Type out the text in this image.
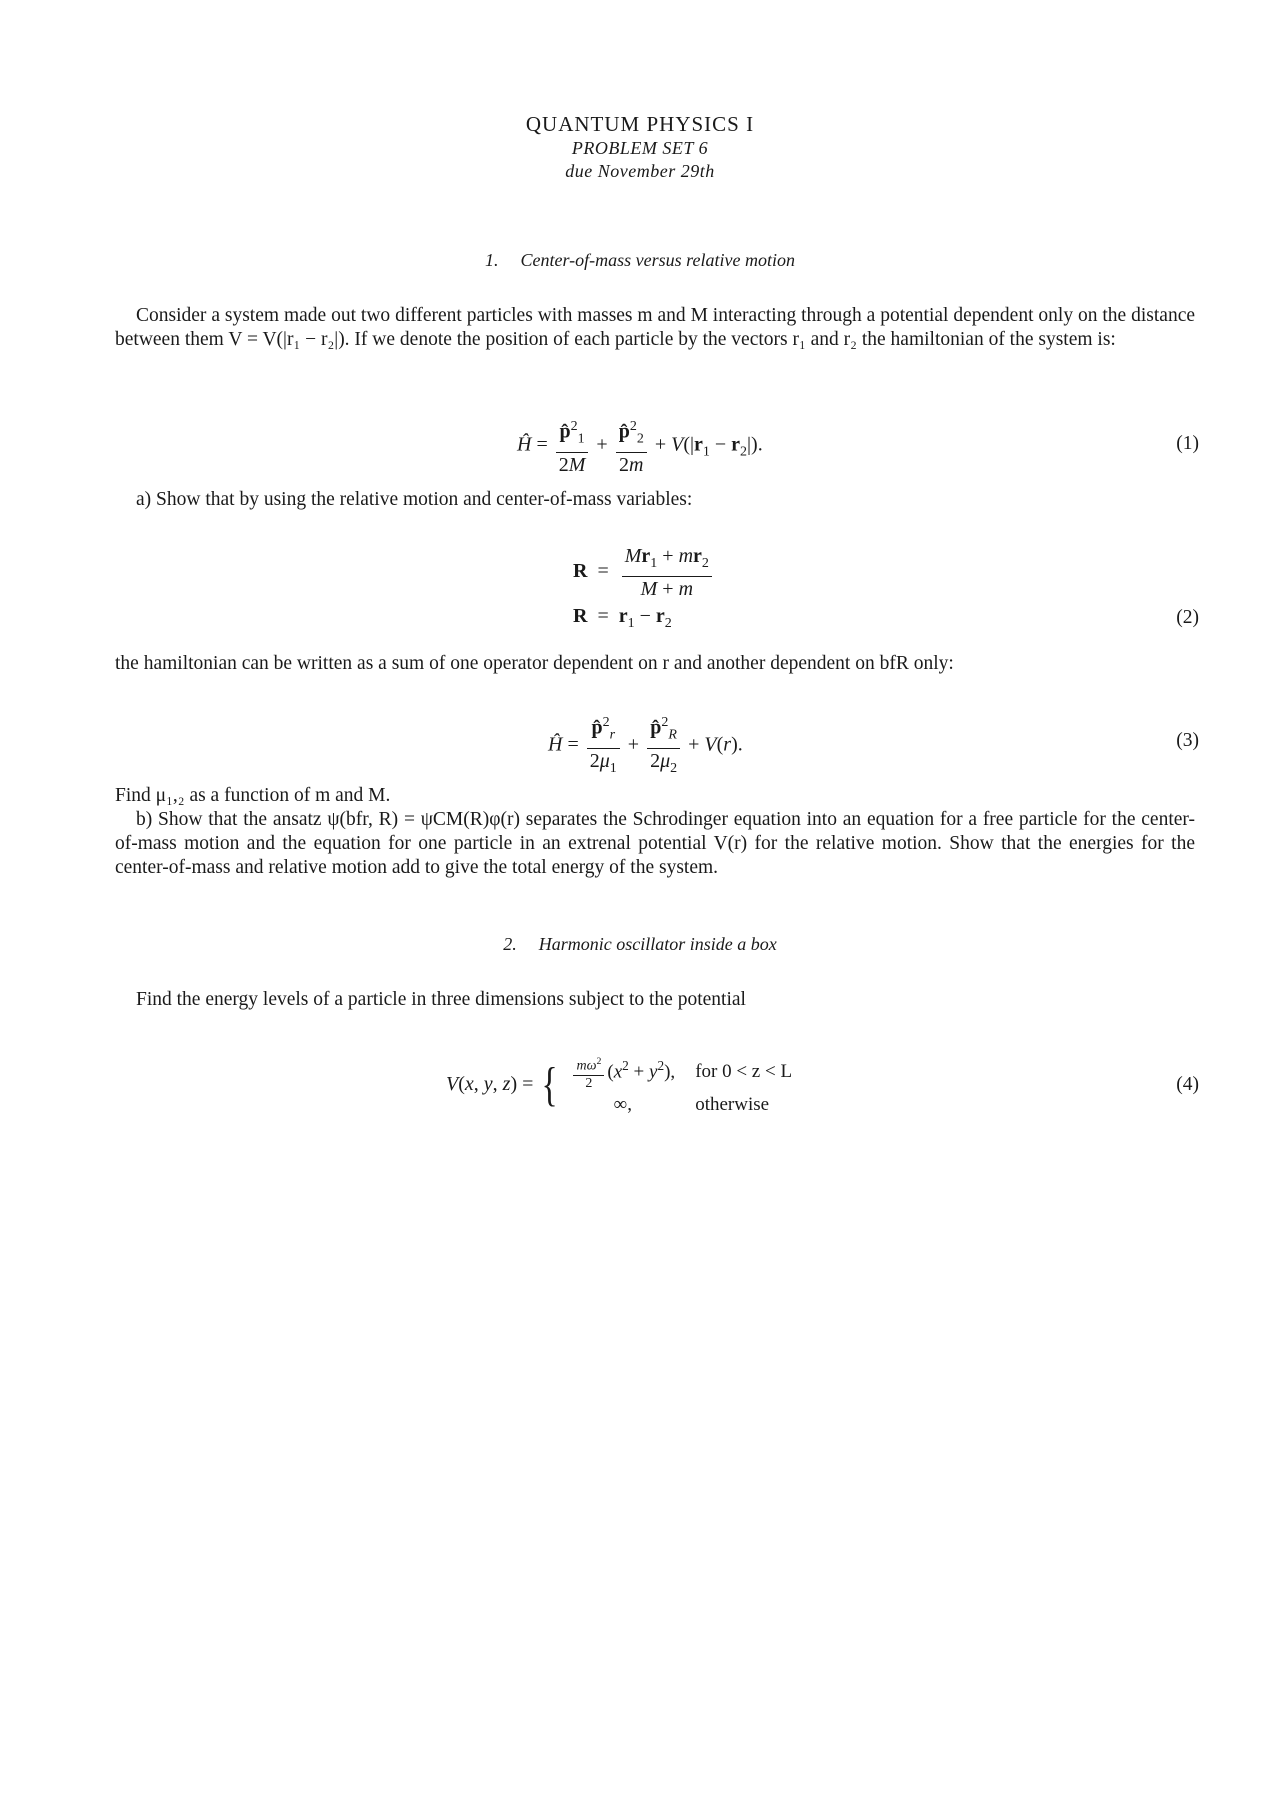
QUANTUM PHYSICS I
PROBLEM SET 6
due November 29th
1. Center-of-mass versus relative motion
Consider a system made out two different particles with masses m and M interacting through a potential dependent only on the distance between them V = V(|r₁ − r₂|). If we denote the position of each particle by the vectors r₁ and r₂ the hamiltonian of the system is:
Ĥ = $\frac{p̂^2_1}{2M} + \frac{p̂^2_2}{2m} + V(|r_1 - r_2|)$.	(1)
a) Show that by using the relative motion and center-of-mass variables:
$R = \frac{Mr_1 + mr_2}{M + m}$
$R = r_1 - r_2$	(2)
the hamiltonian can be written as a sum of one operator dependent on r and another dependent on bfR only:
Ĥ = $\frac{p̂^2_r}{2\mu_1} + \frac{p̂^2_R}{2\mu_2} + V(r)$.	(3)
Find μ₁,₂ as a function of m and M.
b) Show that the ansatz ψ(bfr, R) = ψCM(R)φ(r) separates the Schrodinger equation into an equation for a free particle for the center-of-mass motion and the equation for one particle in an extrenal potential V(r) for the relative motion. Show that the energies for the center-of-mass and relative motion add to give the total energy of the system.
2. Harmonic oscillator inside a box
Find the energy levels of a particle in three dimensions subject to the potential
V(x, y, z) = { $\frac{m\omega^2}{2} (x^2 + y^2)$,	for 0 < z < L
∞,	otherwise
(4)
